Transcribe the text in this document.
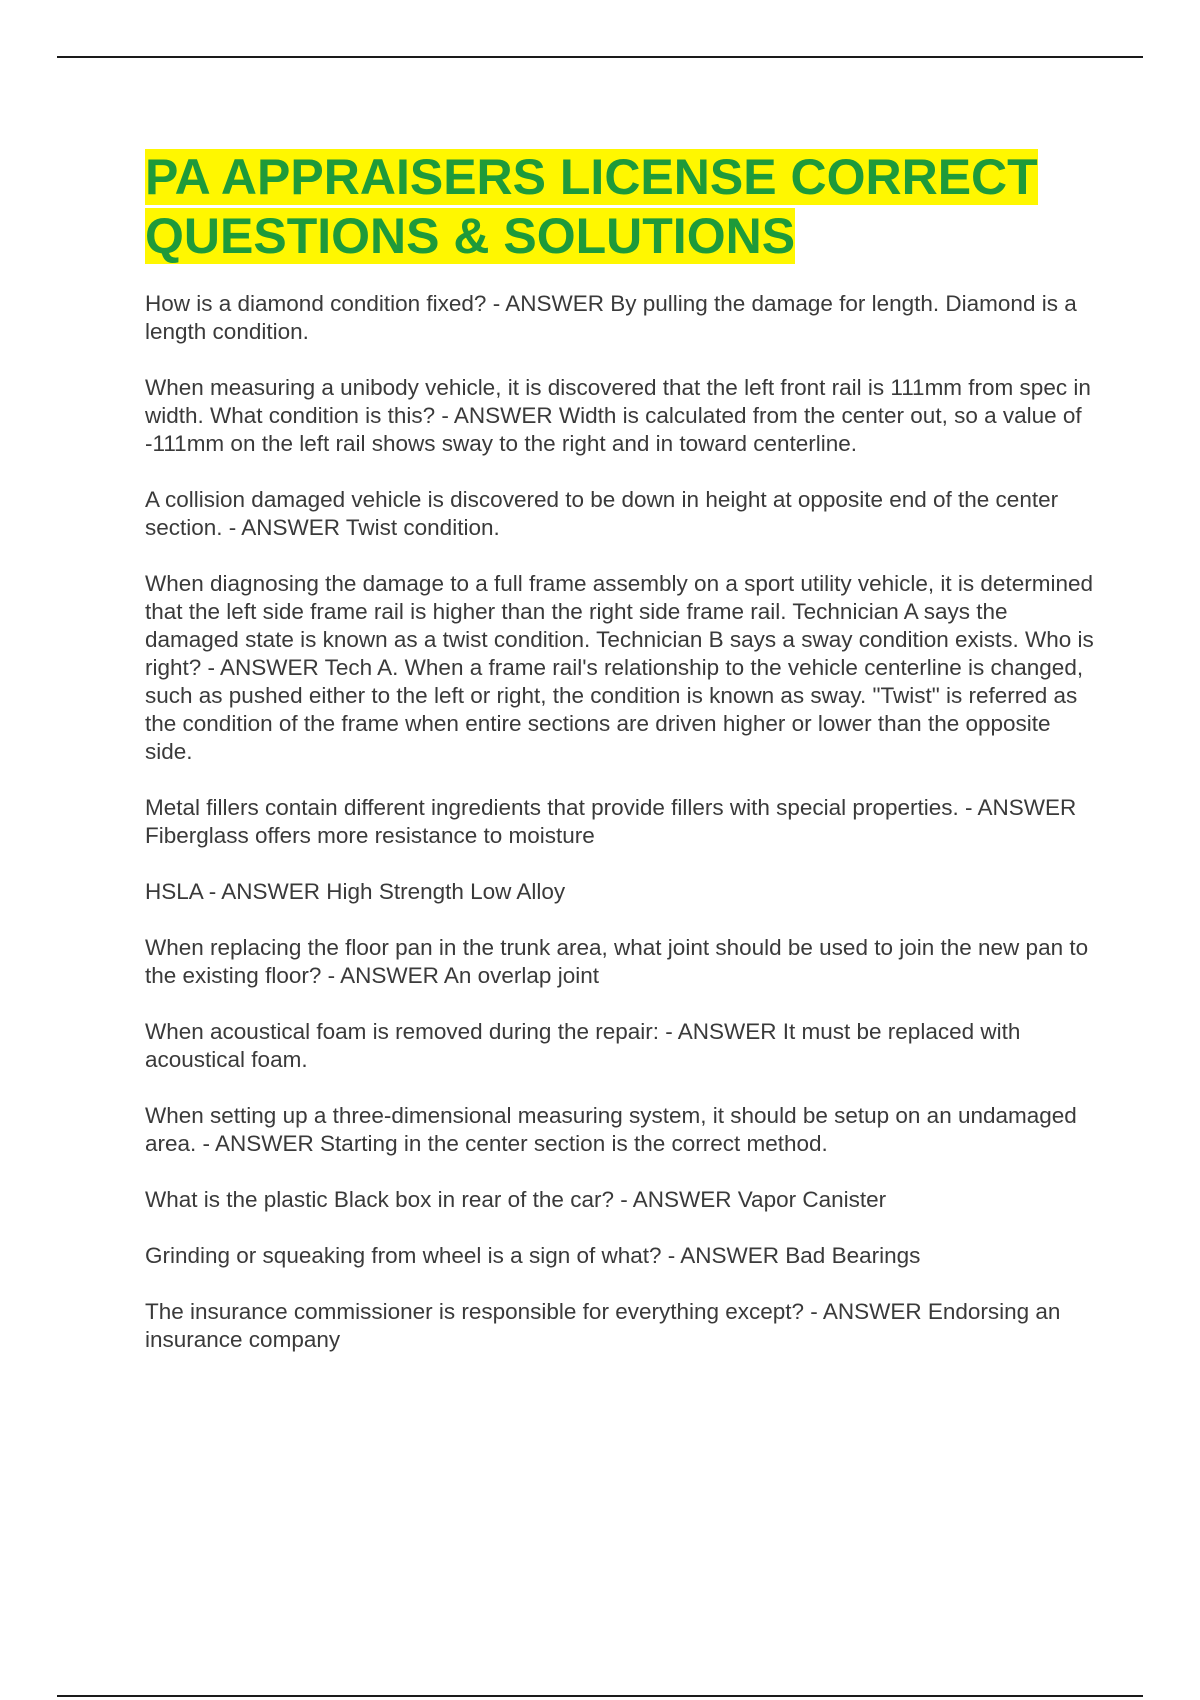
PA APPRAISERS LICENSE CORRECT QUESTIONS & SOLUTIONS

How is a diamond condition fixed? - ANSWER By pulling the damage for length. Diamond is a length condition.

When measuring a unibody vehicle, it is discovered that the left front rail is 111mm from spec in width. What condition is this? - ANSWER Width is calculated from the center out, so a value of -111mm on the left rail shows sway to the right and in toward centerline.

A collision damaged vehicle is discovered to be down in height at opposite end of the center section. - ANSWER Twist condition.

When diagnosing the damage to a full frame assembly on a sport utility vehicle, it is determined that the left side frame rail is higher than the right side frame rail. Technician A says the damaged state is known as a twist condition. Technician B says a sway condition exists. Who is right? - ANSWER Tech A. When a frame rail's relationship to the vehicle centerline is changed, such as pushed either to the left or right, the condition is known as sway. "Twist" is referred as the condition of the frame when entire sections are driven higher or lower than the opposite side.

Metal fillers contain different ingredients that provide fillers with special properties. - ANSWER Fiberglass offers more resistance to moisture

HSLA - ANSWER High Strength Low Alloy

When replacing the floor pan in the trunk area, what joint should be used to join the new pan to the existing floor? - ANSWER An overlap joint

When acoustical foam is removed during the repair: - ANSWER It must be replaced with acoustical foam.

When setting up a three-dimensional measuring system, it should be setup on an undamaged area. - ANSWER Starting in the center section is the correct method.

What is the plastic Black box in rear of the car? - ANSWER Vapor Canister

Grinding or squeaking from wheel is a sign of what? - ANSWER Bad Bearings

The insurance commissioner is responsible for everything except? - ANSWER Endorsing an insurance company
